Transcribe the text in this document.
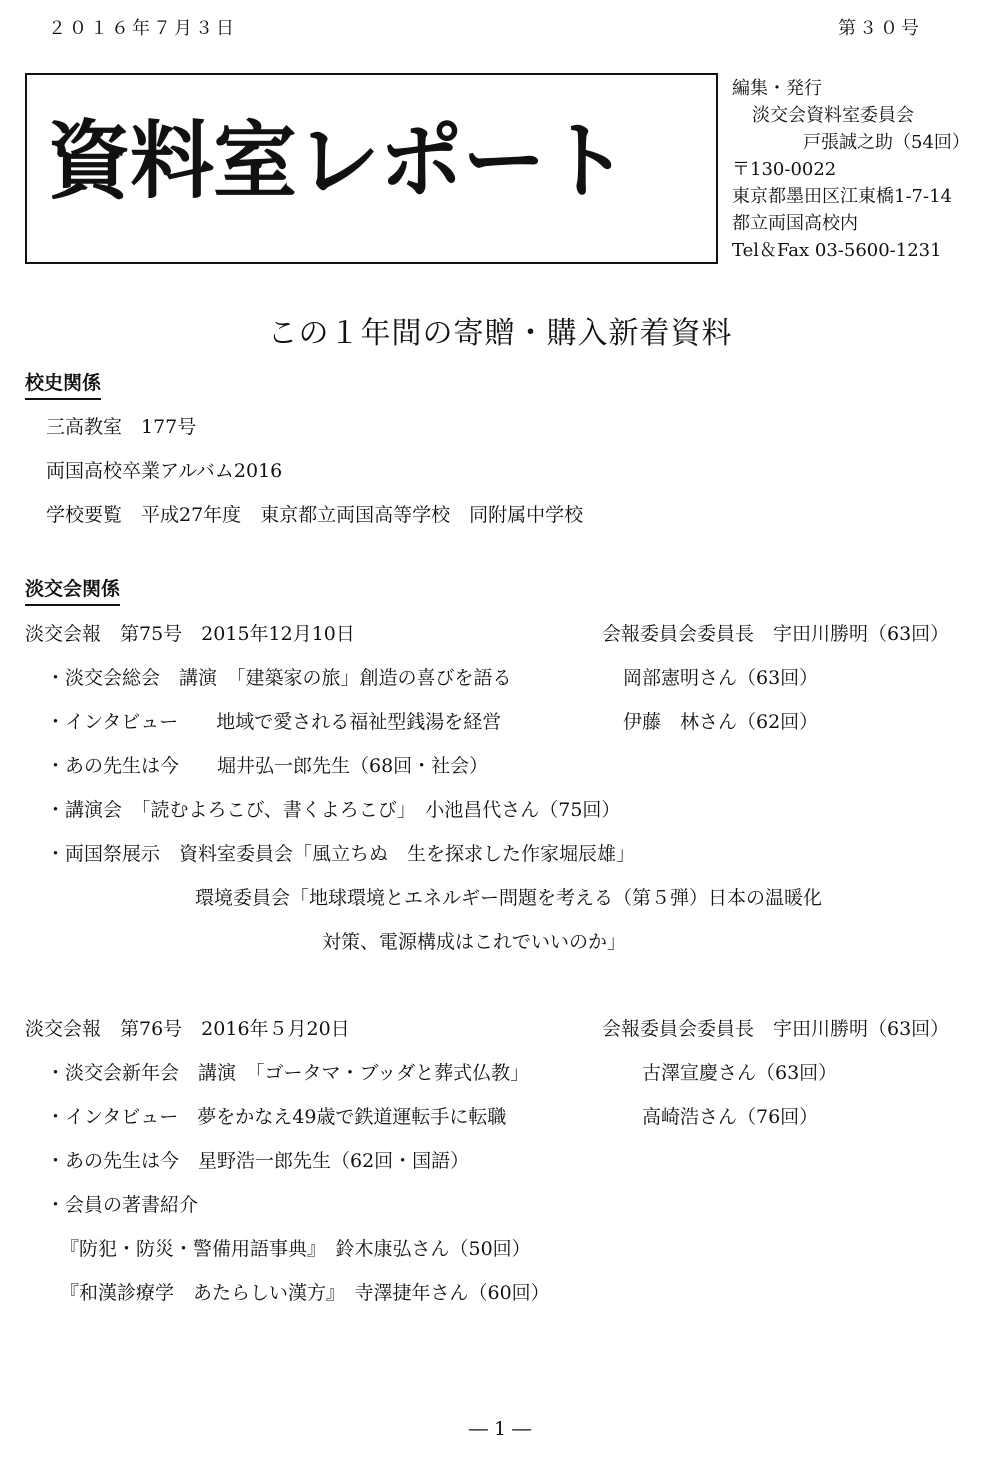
２０１６年７月３日	第３０号
資料室レポート
編集・発行
淡交会資料室委員会
戸張誠之助（54回）
〒130-0022
東京都墨田区江東橋1-7-14
都立両国高校内
Tel＆Fax 03-5600-1231
この１年間の寄贈・購入新着資料
校史関係
三高教室　177号
両国高校卒業アルバム2016
学校要覧　平成27年度　東京都立両国高等学校　同附属中学校
淡交会関係
淡交会報　第75号　2015年12月10日	会報委員会委員長　宇田川勝明（63回）
・淡交会総会　講演　「建築家の旅」創造の喜びを語る	岡部憲明さん（63回）
・インタビュー　　地域で愛される福祉型銭湯を経営	伊藤　林さん（62回）
・あの先生は今　　堀井弘一郎先生（68回・社会）
・講演会　「読むよろこび、書くよろこび」　小池昌代さん（75回）
・両国祭展示　資料室委員会「風立ちぬ　生を探求した作家堀辰雄」
環境委員会「地球環境とエネルギー問題を考える（第５弾）日本の温暖化
対策、電源構成はこれでいいのか」
淡交会報　第76号　2016年５月20日	会報委員会委員長　宇田川勝明（63回）
・淡交会新年会　講演　「ゴータマ・ブッダと葬式仏教」	古澤宣慶さん（63回）
・インタビュー　夢をかなえ49歳で鉄道運転手に転職	高崎浩さん（76回）
・あの先生は今　星野浩一郎先生（62回・国語）
・会員の著書紹介
『防犯・防災・警備用語事典』　鈴木康弘さん（50回）
『和漢診療学　あたらしい漢方』　寺澤捷年さん（60回）
― 1 ―
